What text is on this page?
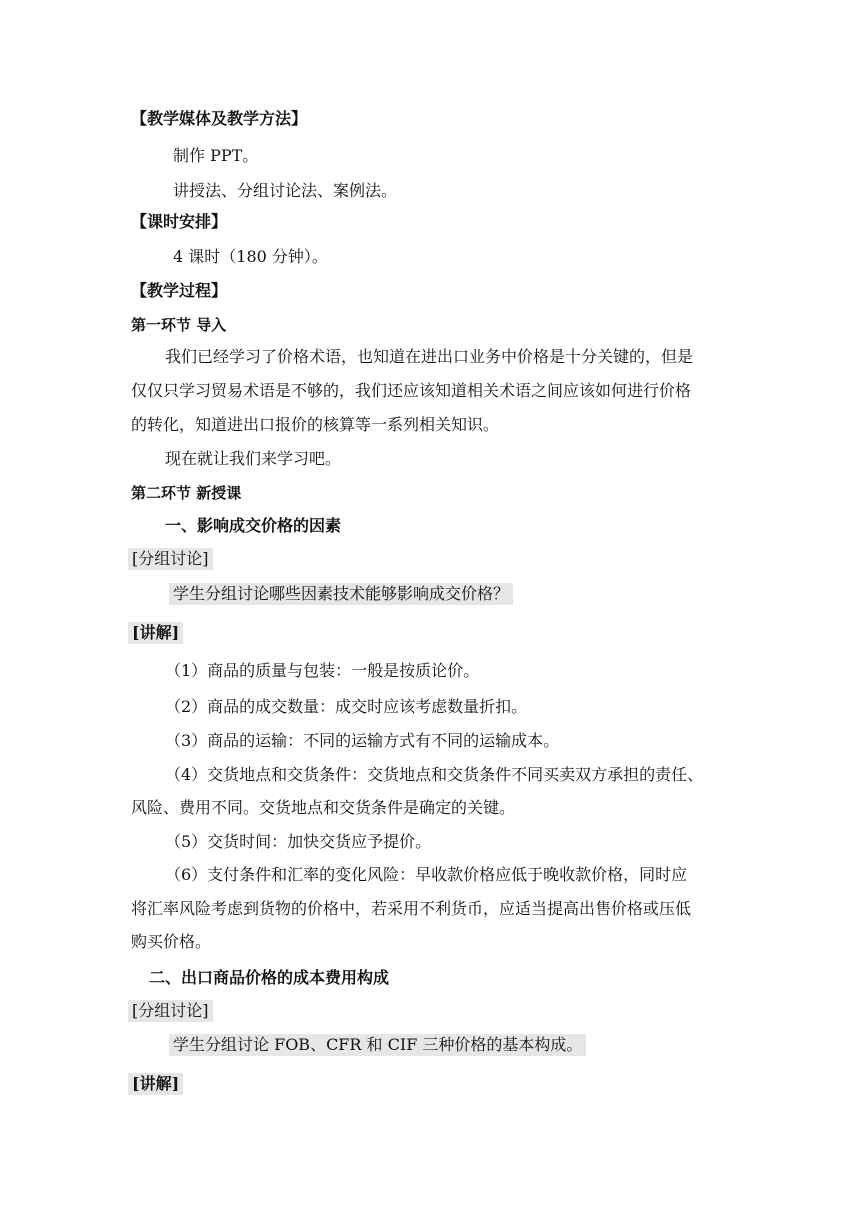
【教学媒体及教学方法】
制作 PPT。
讲授法、分组讨论法、案例法。
【课时安排】
4 课时（180 分钟）。
【教学过程】
第一环节 导入
我们已经学习了价格术语，也知道在进出口业务中价格是十分关键的，但是
仅仅只学习贸易术语是不够的，我们还应该知道相关术语之间应该如何进行价格
的转化，知道进出口报价的核算等一系列相关知识。
现在就让我们来学习吧。
第二环节 新授课
一、影响成交价格的因素
[分组讨论]
学生分组讨论哪些因素技术能够影响成交价格？
[讲解]
（1）商品的质量与包装：一般是按质论价。
（2）商品的成交数量：成交时应该考虑数量折扣。
（3）商品的运输：不同的运输方式有不同的运输成本。
（4）交货地点和交货条件：交货地点和交货条件不同买卖双方承担的责任、
风险、费用不同。交货地点和交货条件是确定的关键。
（5）交货时间：加快交货应予提价。
（6）支付条件和汇率的变化风险：早收款价格应低于晚收款价格，同时应
将汇率风险考虑到货物的价格中，若采用不利货币，应适当提高出售价格或压低
购买价格。
二、出口商品价格的成本费用构成
[分组讨论]
学生分组讨论 FOB、CFR 和 CIF 三种价格的基本构成。
[讲解]
